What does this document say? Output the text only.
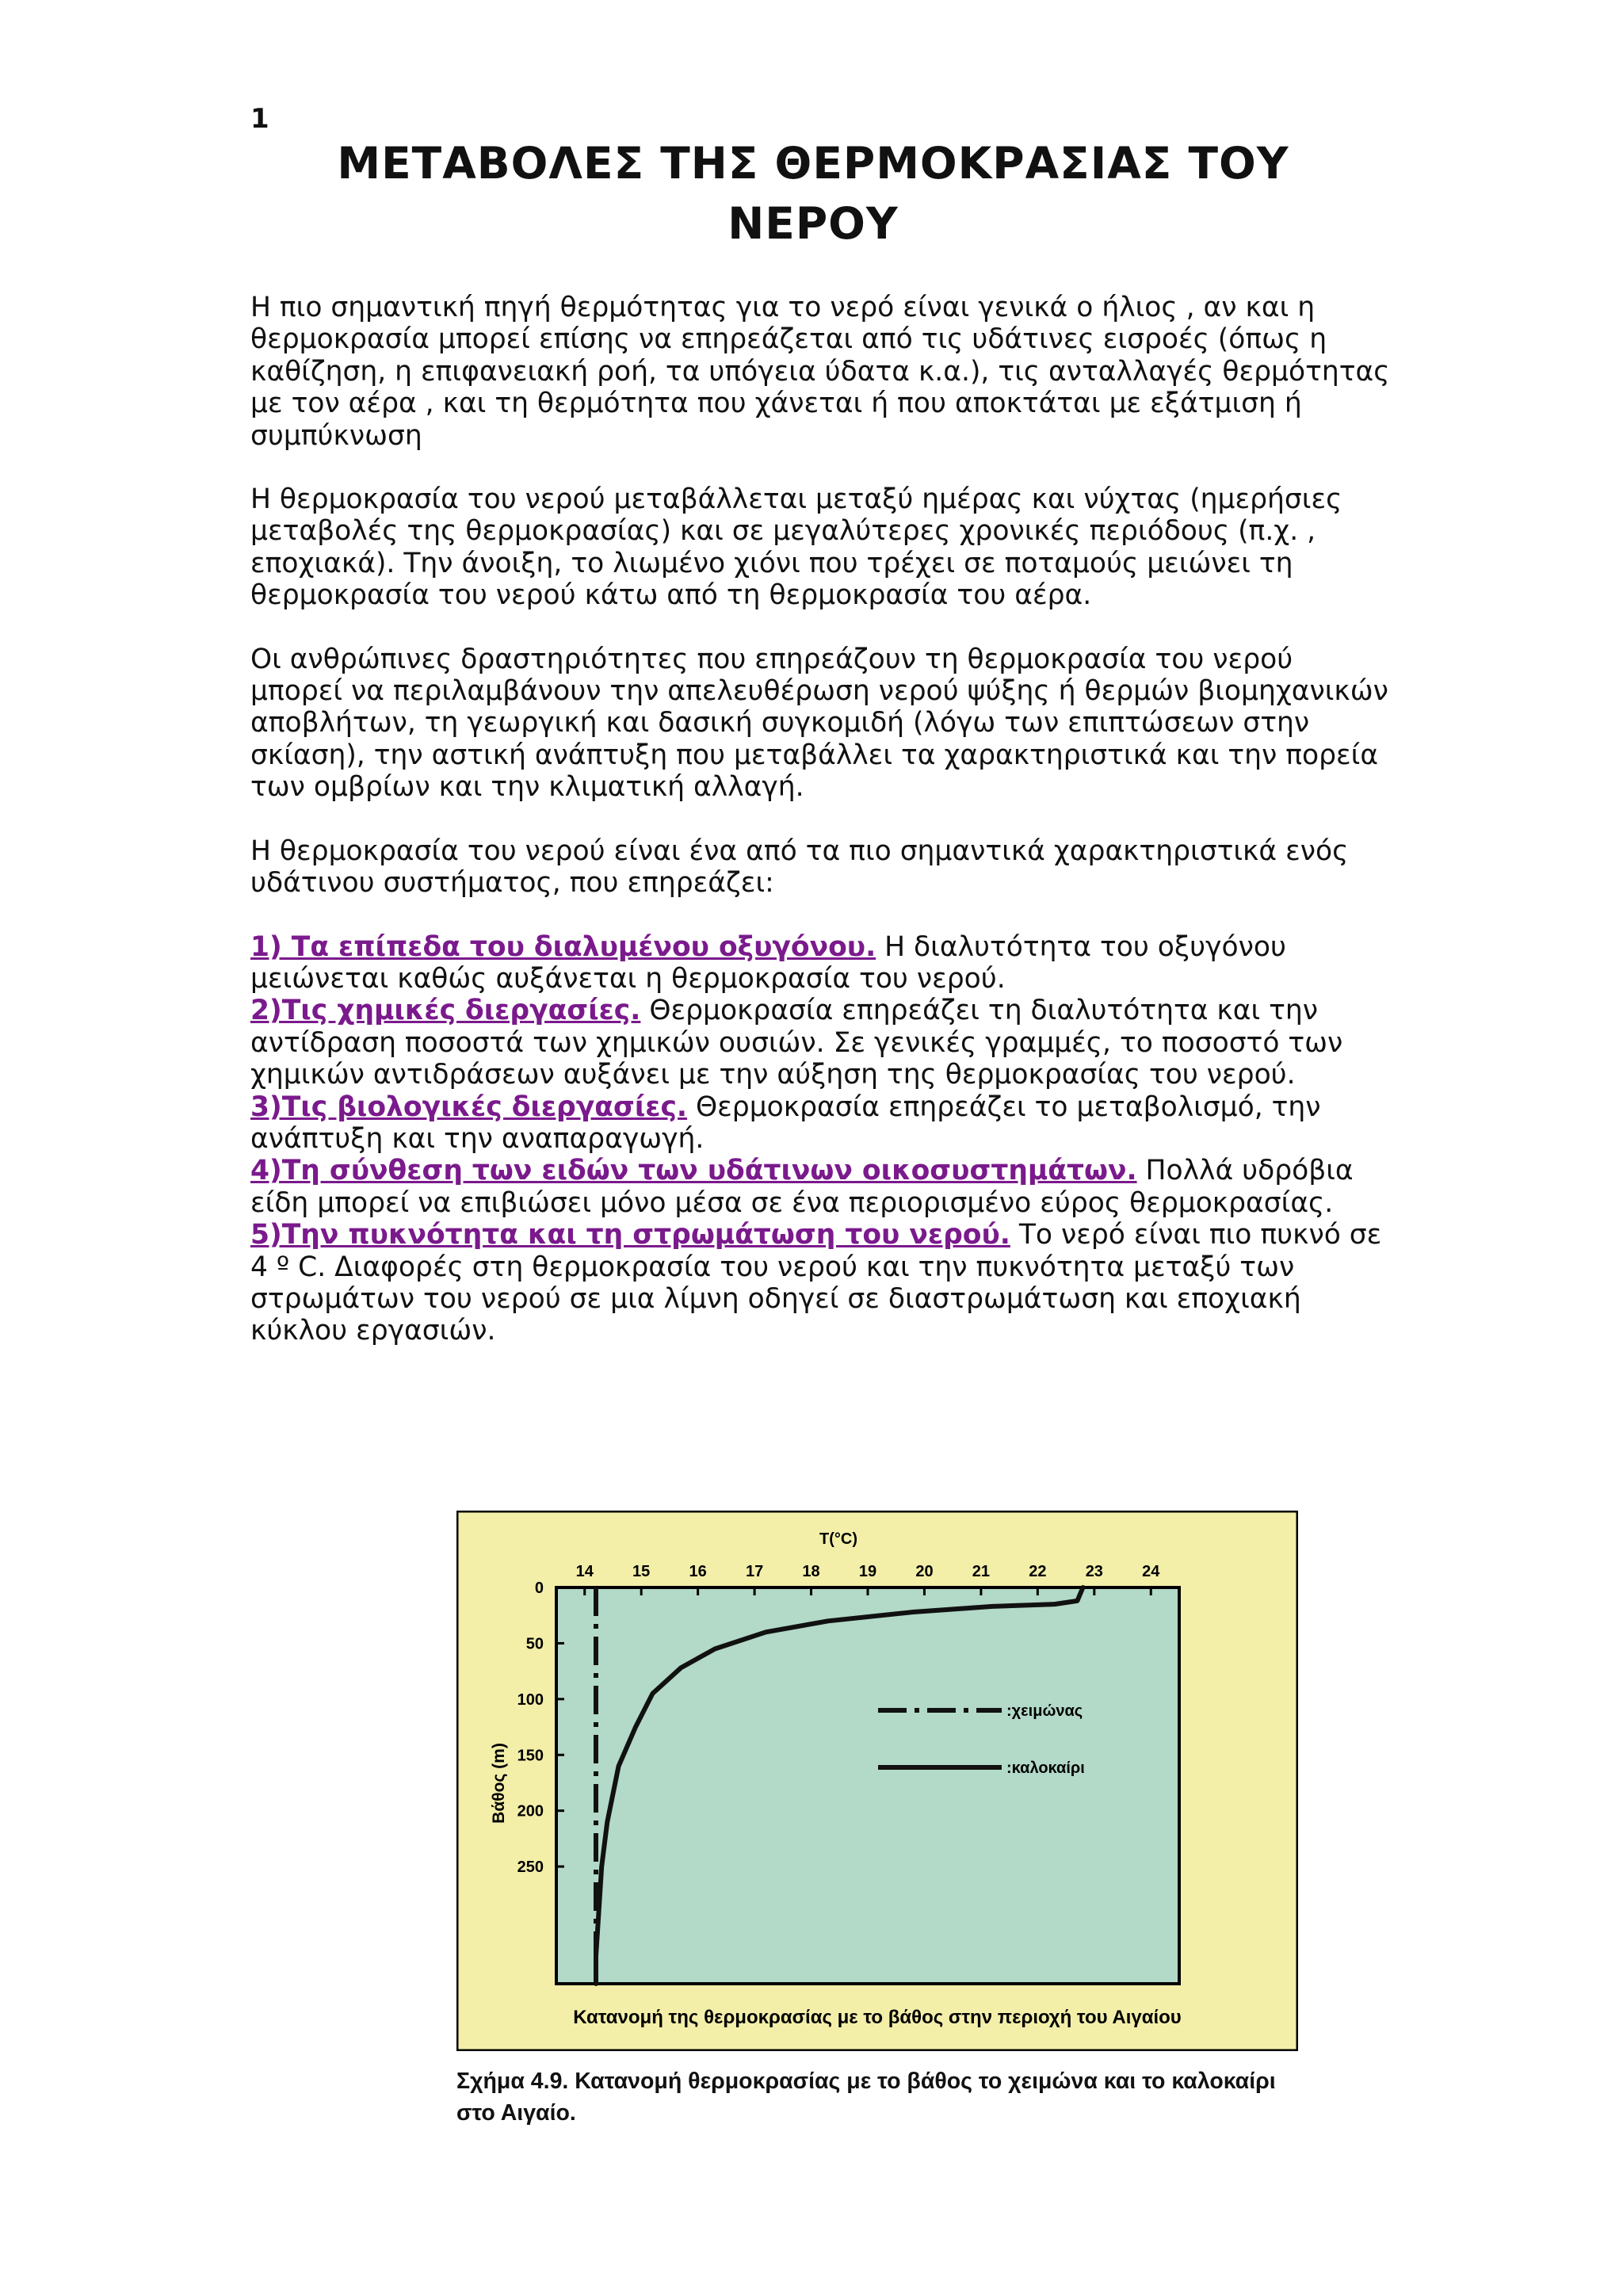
1
ΜΕΤΑΒΟΛΕΣ ΤΗΣ ΘΕΡΜΟΚΡΑΣΙΑΣ ΤΟΥ
ΝΕΡΟΥ

Η πιο σημαντική πηγή θερμότητας για το νερό είναι γενικά ο ήλιος , αν και η θερμοκρασία μπορεί επίσης να επηρεάζεται από τις υδάτινες εισροές (όπως η καθίζηση, η επιφανειακή ροή, τα υπόγεια ύδατα κ.α.), τις ανταλλαγές θερμότητας με τον αέρα , και τη θερμότητα που χάνεται ή που αποκτάται με εξάτμιση ή συμπύκνωση

Η θερμοκρασία του νερού μεταβάλλεται μεταξύ ημέρας και νύχτας (ημερήσιες μεταβολές της θερμοκρασίας) και σε μεγαλύτερες χρονικές περιόδους (π.χ. , εποχιακά). Την άνοιξη, το λιωμένο χιόνι που τρέχει σε ποταμούς μειώνει τη θερμοκρασία του νερού κάτω από τη θερμοκρασία του αέρα.

Οι ανθρώπινες δραστηριότητες που επηρεάζουν τη θερμοκρασία του νερού μπορεί να περιλαμβάνουν την απελευθέρωση νερού ψύξης ή θερμών βιομηχανικών αποβλήτων, τη γεωργική και δασική συγκομιδή (λόγω των επιπτώσεων στην σκίαση), την αστική ανάπτυξη που μεταβάλλει τα χαρακτηριστικά και την πορεία των ομβρίων και την κλιματική αλλαγή.

Η θερμοκρασία του νερού είναι ένα από τα πιο σημαντικά χαρακτηριστικά ενός υδάτινου συστήματος, που επηρεάζει:

1) Τα επίπεδα του διαλυμένου οξυγόνου. Η διαλυτότητα του οξυγόνου μειώνεται καθώς αυξάνεται η θερμοκρασία του νερού.
2)Τις χημικές διεργασίες. Θερμοκρασία επηρεάζει τη διαλυτότητα και την αντίδραση ποσοστά των χημικών ουσιών. Σε γενικές γραμμές, το ποσοστό των χημικών αντιδράσεων αυξάνει με την αύξηση της θερμοκρασίας του νερού.
3)Τις βιολογικές διεργασίες. Θερμοκρασία επηρεάζει το μεταβολισμό, την ανάπτυξη και την αναπαραγωγή.
4)Τη σύνθεση των ειδών των υδάτινων οικοσυστημάτων. Πολλά υδρόβια είδη μπορεί να επιβιώσει μόνο μέσα σε ένα περιορισμένο εύρος θερμοκρασίας.
5)Την πυκνότητα και τη στρωμάτωση του νερού. Το νερό είναι πιο πυκνό σε 4 º C. Διαφορές στη θερμοκρασία του νερού και την πυκνότητα μεταξύ των στρωμάτων του νερού σε μια λίμνη οδηγεί σε διαστρωμάτωση και εποχιακή κύκλου εργασιών.
T(°C)
Βάθος (m)
14 15 16 17 18 19 20 21 22 23 24
0
50
100
150
200
250
:χειμώνας
:καλοκαίρι
Κατανομή της θερμοκρασίας με το βάθος στην περιοχή του Αιγαίου
Σχήμα 4.9. Κατανομή θερμοκρασίας με το βάθος το χειμώνα και το καλοκαίρι στο Αιγαίο.
